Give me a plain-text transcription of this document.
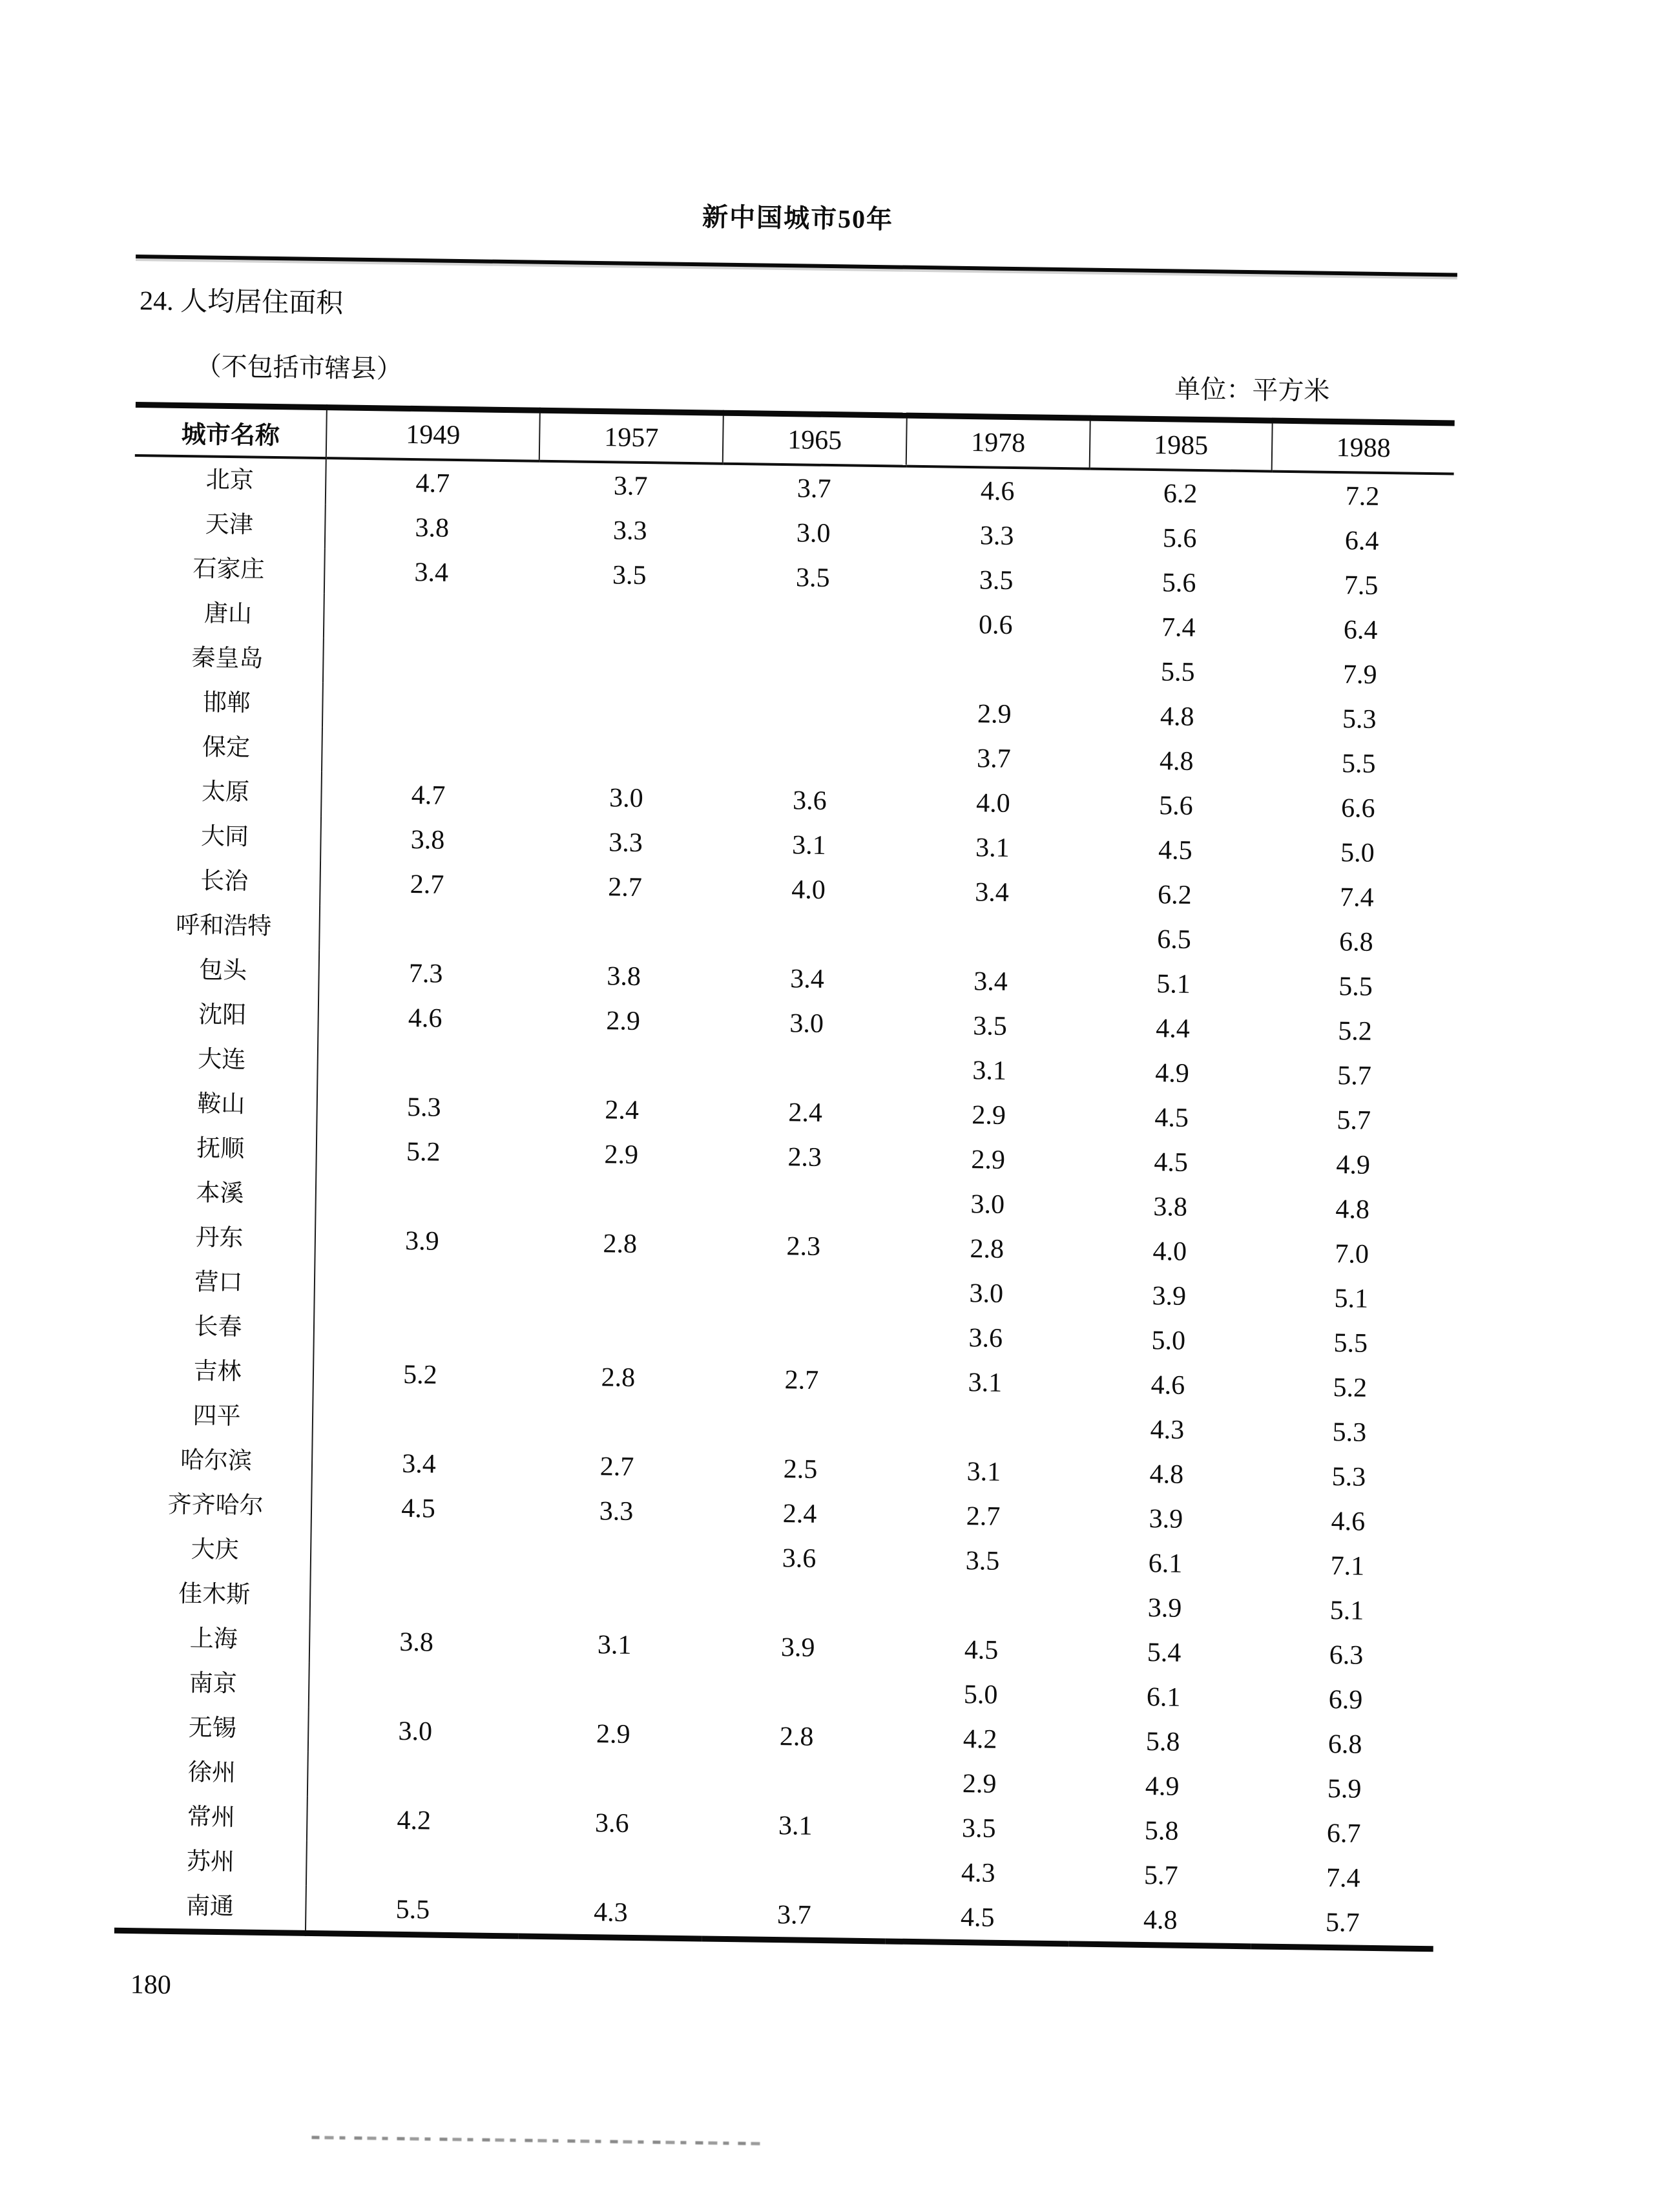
新中国城市50年
24. 人均居住面积
（不包括市辖县）
单位：平方米
城市名称	1949	1957	1965	1978	1985	1988
北京	4.7	3.7	3.7	4.6	6.2	7.2
天津	3.8	3.3	3.0	3.3	5.6	6.4
石家庄	3.4	3.5	3.5	3.5	5.6	7.5
唐山				0.6	7.4	6.4
秦皇岛					5.5	7.9
邯郸				2.9	4.8	5.3
保定				3.7	4.8	5.5
太原	4.7	3.0	3.6	4.0	5.6	6.6
大同	3.8	3.3	3.1	3.1	4.5	5.0
长治	2.7	2.7	4.0	3.4	6.2	7.4
呼和浩特					6.5	6.8
包头	7.3	3.8	3.4	3.4	5.1	5.5
沈阳	4.6	2.9	3.0	3.5	4.4	5.2
大连				3.1	4.9	5.7
鞍山	5.3	2.4	2.4	2.9	4.5	5.7
抚顺	5.2	2.9	2.3	2.9	4.5	4.9
本溪				3.0	3.8	4.8
丹东	3.9	2.8	2.3	2.8	4.0	7.0
营口				3.0	3.9	5.1
长春				3.6	5.0	5.5
吉林	5.2	2.8	2.7	3.1	4.6	5.2
四平					4.3	5.3
哈尔滨	3.4	2.7	2.5	3.1	4.8	5.3
齐齐哈尔	4.5	3.3	2.4	2.7	3.9	4.6
大庆			3.6	3.5	6.1	7.1
佳木斯					3.9	5.1
上海	3.8	3.1	3.9	4.5	5.4	6.3
南京				5.0	6.1	6.9
无锡	3.0	2.9	2.8	4.2	5.8	6.8
徐州				2.9	4.9	5.9
常州	4.2	3.6	3.1	3.5	5.8	6.7
苏州				4.3	5.7	7.4
南通	5.5	4.3	3.7	4.5	4.8	5.7
180
